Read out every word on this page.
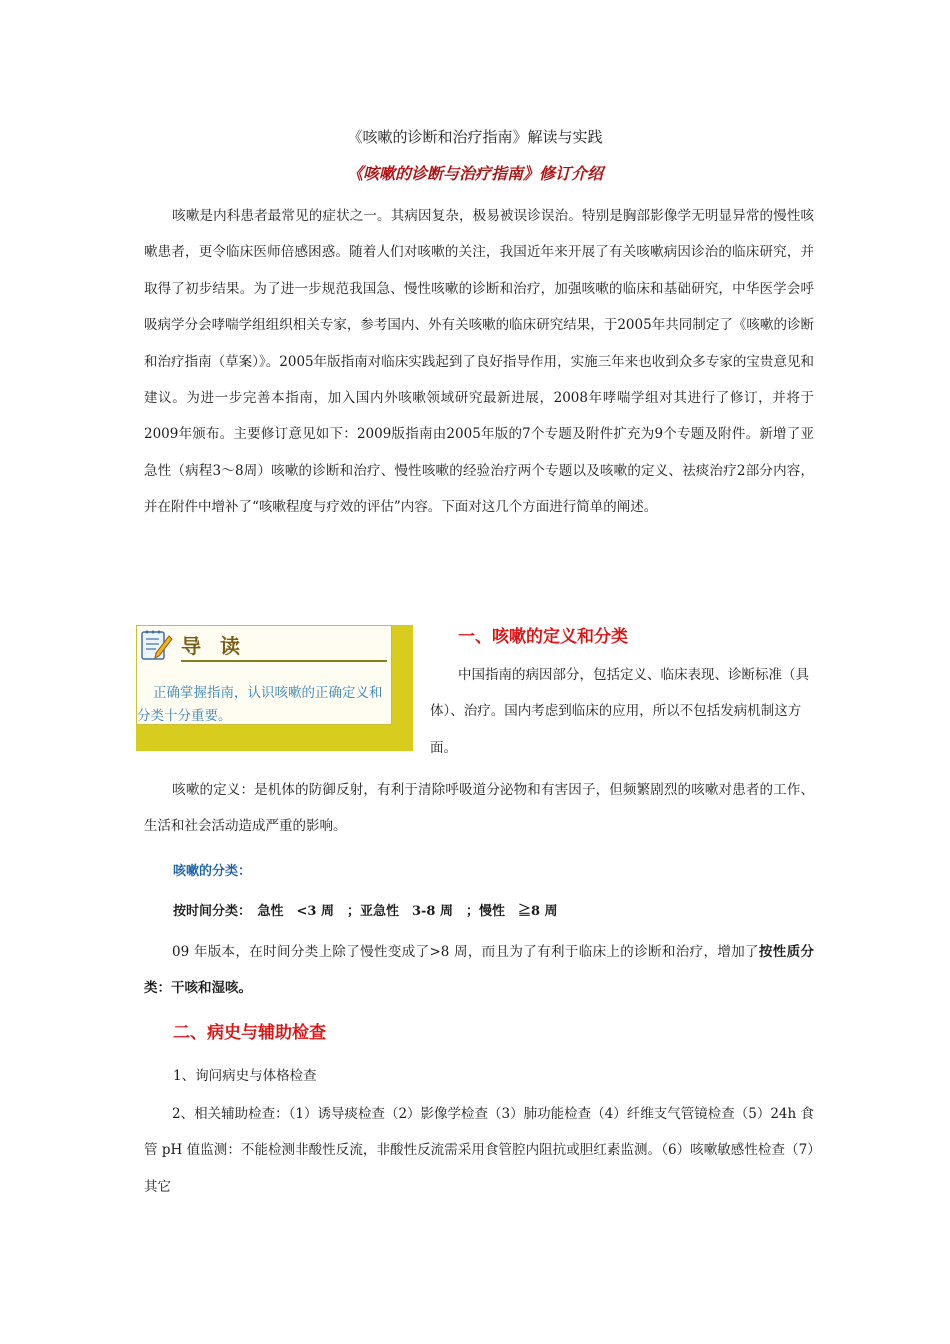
《咳嗽的诊断和治疗指南》解读与实践
《咳嗽的诊断与治疗指南》修订介绍
咳嗽是内科患者最常见的症状之一。其病因复杂，极易被误诊误治。特别是胸部影像学无明显异常的慢性咳嗽患者，更令临床医师倍感困惑。随着人们对咳嗽的关注，我国近年来开展了有关咳嗽病因诊治的临床研究，并取得了初步结果。为了进一步规范我国急、慢性咳嗽的诊断和治疗，加强咳嗽的临床和基础研究，中华医学会呼吸病学分会哮喘学组组织相关专家，参考国内、外有关咳嗽的临床研究结果，于2005年共同制定了《咳嗽的诊断和治疗指南（草案）》。2005年版指南对临床实践起到了良好指导作用，实施三年来也收到众多专家的宝贵意见和建议。为进一步完善本指南，加入国内外咳嗽领域研究最新进展，2008年哮喘学组对其进行了修订，并将于2009年颁布。主要修订意见如下：2009版指南由2005年版的7个专题及附件扩充为9个专题及附件。新增了亚急性（病程3～8周）咳嗽的诊断和治疗、慢性咳嗽的经验治疗两个专题以及咳嗽的定义、祛痰治疗2部分内容，并在附件中增补了“咳嗽程度与疗效的评估”内容。下面对这几个方面进行简单的阐述。
导 读
正确掌握指南，认识咳嗽的正确定义和分类十分重要。
一、咳嗽的定义和分类
中国指南的病因部分，包括定义、临床表现、诊断标准（具体）、治疗。国内考虑到临床的应用，所以不包括发病机制这方面。
咳嗽的定义：是机体的防御反射，有利于清除呼吸道分泌物和有害因子，但频繁剧烈的咳嗽对患者的工作、生活和社会活动造成严重的影响。
咳嗽的分类：
按时间分类：　急性　<3 周　；亚急性　3-8 周　；慢性　≧8 周
09 年版本，在时间分类上除了慢性变成了>8 周，而且为了有利于临床上的诊断和治疗，增加了按性质分类：干咳和湿咳。
二、病史与辅助检查
1、询问病史与体格检查
2、相关辅助检查：（1）诱导痰检查（2）影像学检查（3）肺功能检查（4）纤维支气管镜检查（5）24h 食管 pH 值监测：不能检测非酸性反流，非酸性反流需采用食管腔内阻抗或胆红素监测。（6）咳嗽敏感性检查（7）其它
